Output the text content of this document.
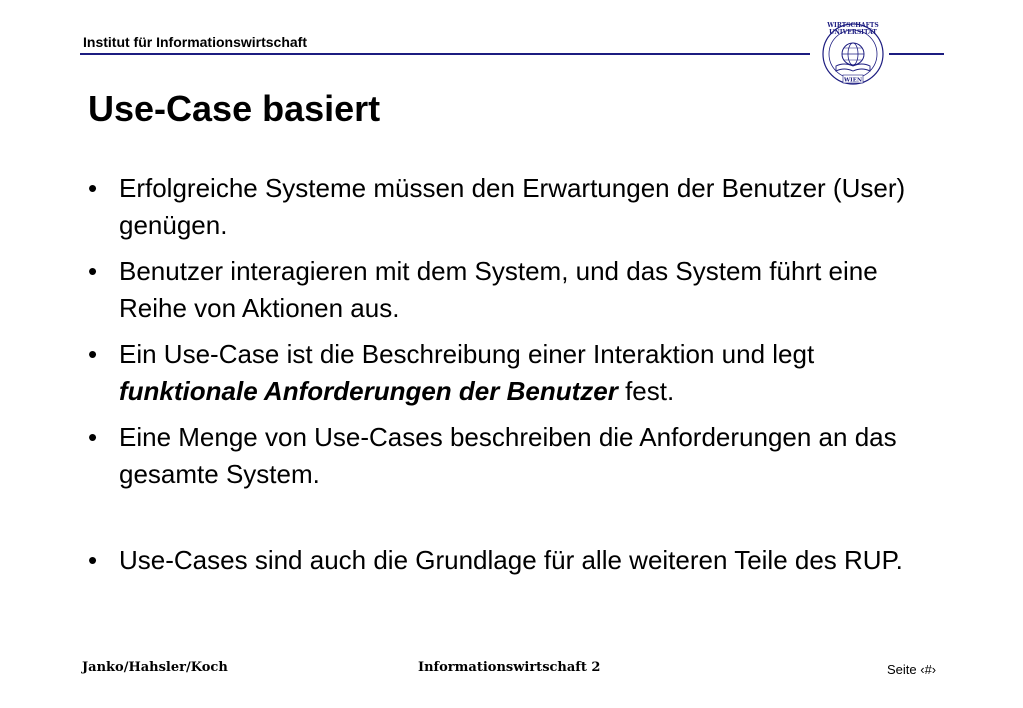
Institut für Informationswirtschaft
WIRTSCHAFTS
UNIVERSITÄT
WIEN
Use-Case basiert
• Erfolgreiche Systeme müssen den Erwartungen der Benutzer (User) genügen.
• Benutzer interagieren mit dem System, und das System führt eine Reihe von Aktionen aus.
• Ein Use-Case ist die Beschreibung einer Interaktion und legt funktionale Anforderungen der Benutzer fest.
• Eine Menge von Use-Cases beschreiben die Anforderungen an das gesamte System.
• Use-Cases sind auch die Grundlage für alle weiteren Teile des RUP.
Janko/Hahsler/Koch	Informationswirtschaft 2	Seite ‹#›
